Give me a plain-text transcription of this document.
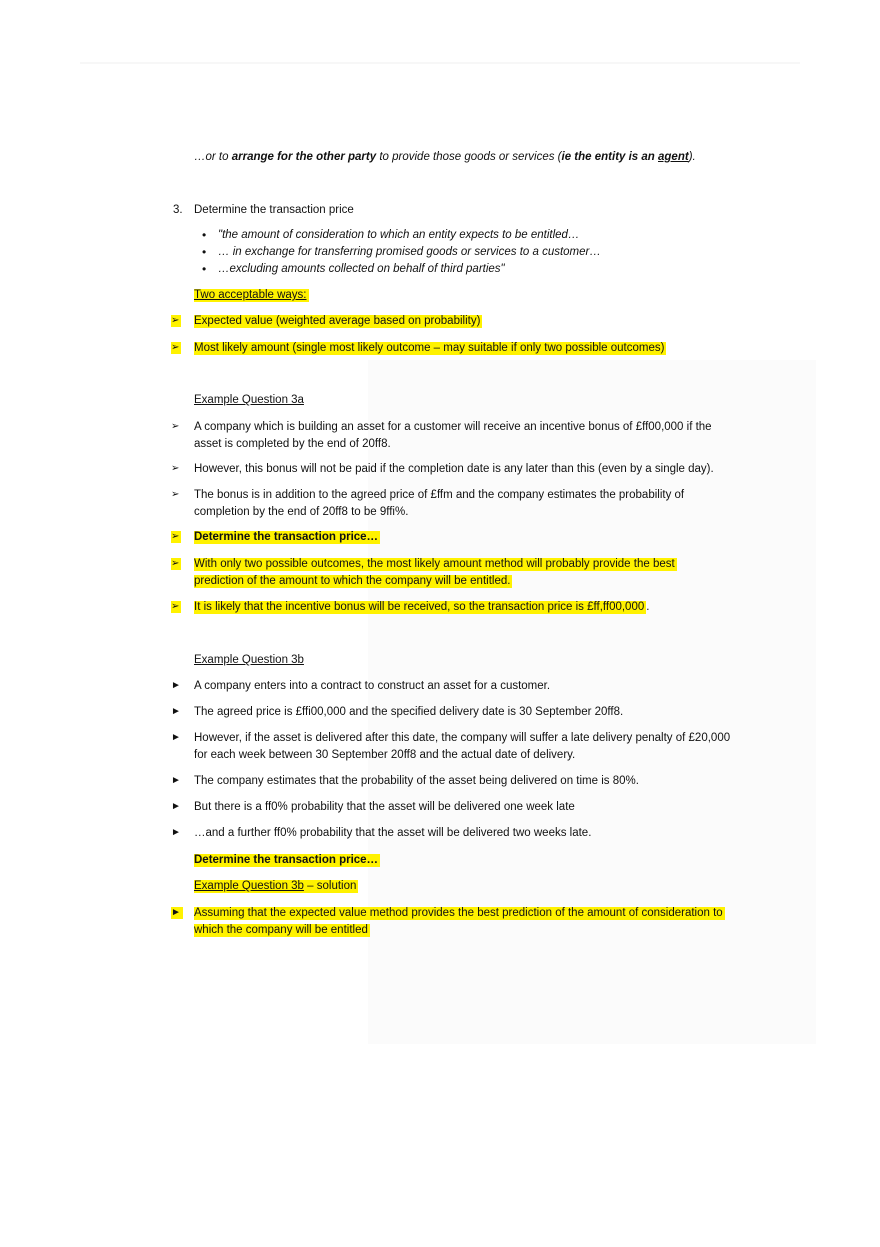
…or to arrange for the other party to provide those goods or services (ie the entity is an agent).
3. Determine the transaction price
• "the amount of consideration to which an entity expects to be entitled…
• … in exchange for transferring promised goods or services to a customer…
• …excluding amounts collected on behalf of third parties"
Two acceptable ways:
➢ Expected value (weighted average based on probability)
➢ Most likely amount (single most likely outcome – may suitable if only two possible outcomes)
Example Question 3a
➢ A company which is building an asset for a customer will receive an incentive bonus of £ff00,000 if the asset is completed by the end of 20ff8.
➢ However, this bonus will not be paid if the completion date is any later than this (even by a single day).
➢ The bonus is in addition to the agreed price of £ffm and the company estimates the probability of completion by the end of 20ff8 to be 9ffi%.
➢ Determine the transaction price…
➢ With only two possible outcomes, the most likely amount method will probably provide the best prediction of the amount to which the company will be entitled.
➢ It is likely that the incentive bonus will be received, so the transaction price is £ff,ff00,000 .
Example Question 3b
► A company enters into a contract to construct an asset for a customer.
► The agreed price is £ffi00,000 and the specified delivery date is 30 September 20ff8.
► However, if the asset is delivered after this date, the company will suffer a late delivery penalty of £20,000 for each week between 30 September 20ff8 and the actual date of delivery.
► The company estimates that the probability of the asset being delivered on time is 80%.
► But there is a ff0% probability that the asset will be delivered one week late
► …and a further ff0% probability that the asset will be delivered two weeks late.
Determine the transaction price…
Example Question 3b – solution
► Assuming that the expected value method provides the best prediction of the amount of consideration to which the company will be entitled
